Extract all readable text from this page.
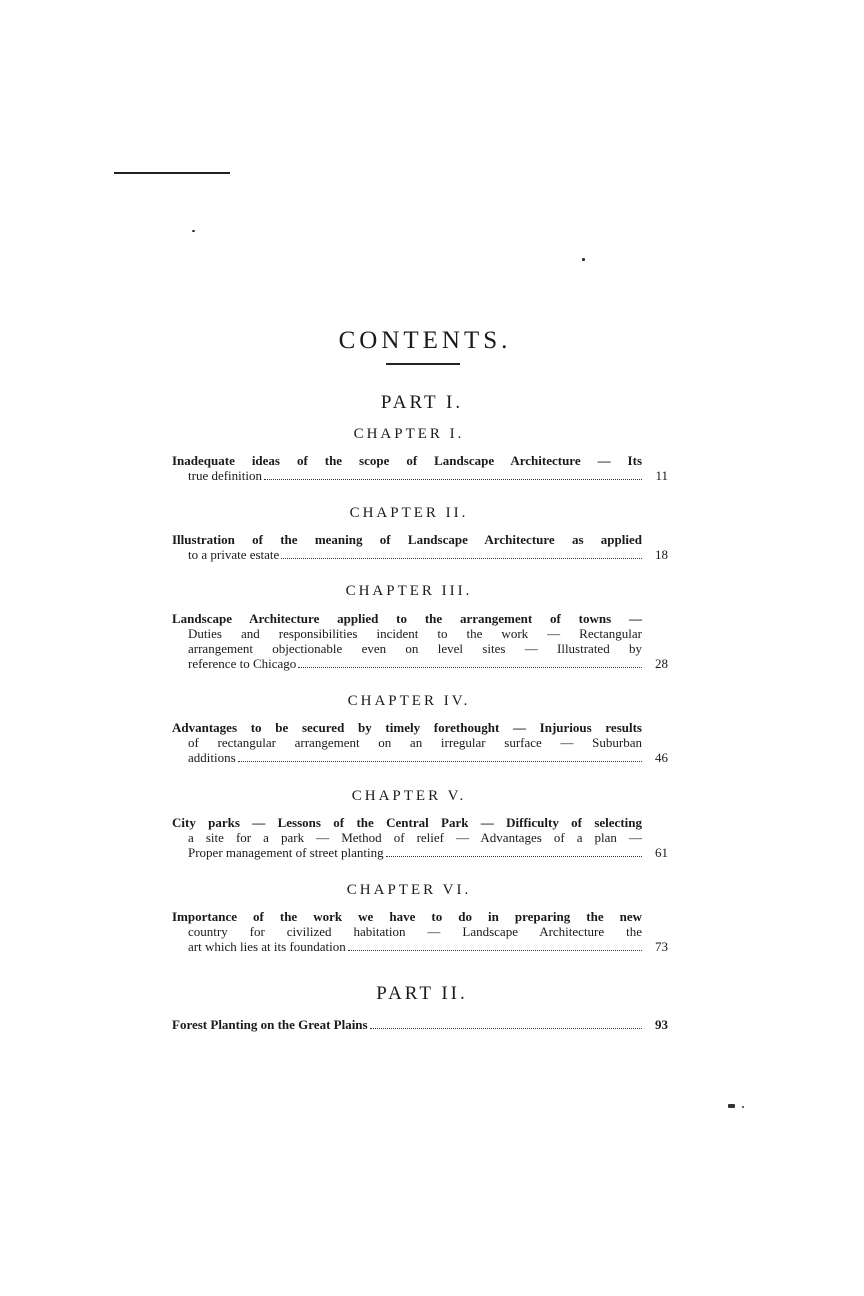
CONTENTS.
PART I.
CHAPTER I.
Inadequate ideas of the scope of Landscape Architecture — Its
true definition	11
CHAPTER II.
Illustration of the meaning of Landscape Architecture as applied
to a private estate	18
CHAPTER III.
Landscape Architecture applied to the arrangement of towns —
Duties and responsibilities incident to the work — Rectangular
arrangement objectionable even on level sites — Illustrated by
reference to Chicago	28
CHAPTER IV.
Advantages to be secured by timely forethought — Injurious results
of rectangular arrangement on an irregular surface — Suburban
additions	46
CHAPTER V.
City parks — Lessons of the Central Park — Difficulty of selecting
a site for a park — Method of relief — Advantages of a plan —
Proper management of street planting	61
CHAPTER VI.
Importance of the work we have to do in preparing the new
country for civilized habitation — Landscape Architecture the
art which lies at its foundation	73
PART II.
Forest Planting on the Great Plains	93
